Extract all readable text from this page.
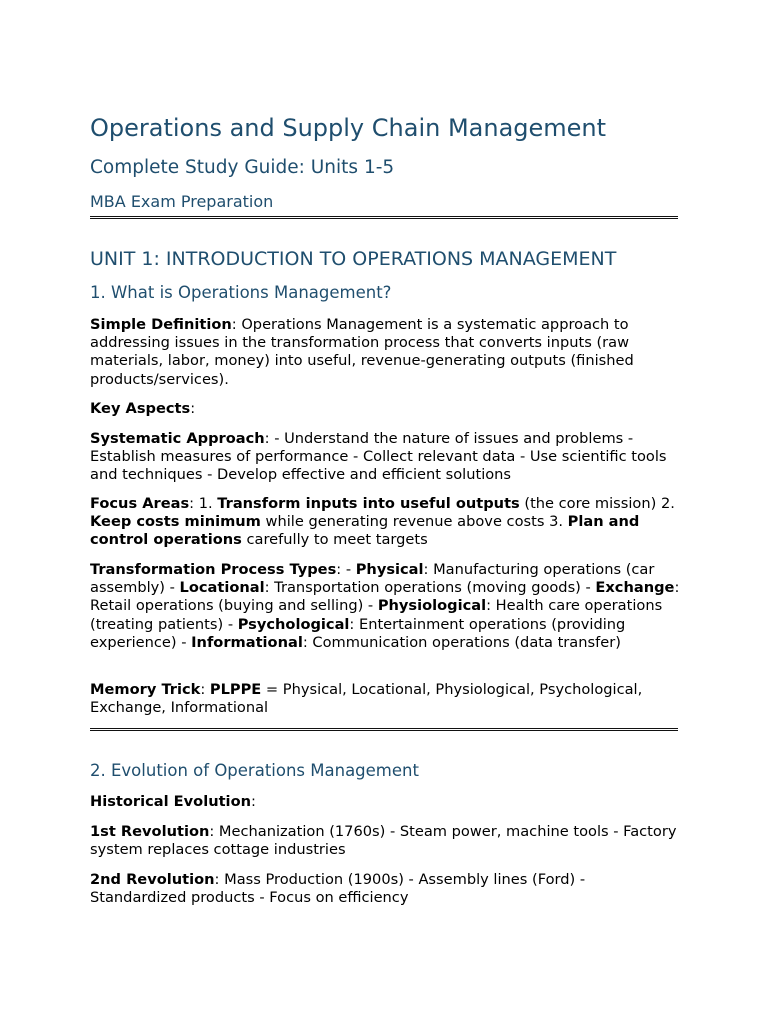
Operations and Supply Chain Management
Complete Study Guide: Units 1-5
MBA Exam Preparation
UNIT 1: INTRODUCTION TO OPERATIONS MANAGEMENT
1. What is Operations Management?

Simple Definition: Operations Management is a systematic approach to addressing issues in the transformation process that converts inputs (raw materials, labor, money) into useful, revenue-generating outputs (finished products/services).

Key Aspects:

Systematic Approach: - Understand the nature of issues and problems - Establish measures of performance - Collect relevant data - Use scientific tools and techniques - Develop effective and efficient solutions

Focus Areas: 1. Transform inputs into useful outputs (the core mission) 2. Keep costs minimum while generating revenue above costs 3. Plan and control operations carefully to meet targets

Transformation Process Types: - Physical: Manufacturing operations (car assembly) - Locational: Transportation operations (moving goods) - Exchange: Retail operations (buying and selling) - Physiological: Health care operations (treating patients) - Psychological: Entertainment operations (providing experience) - Informational: Communication operations (data transfer)

Memory Trick: PLPPE = Physical, Locational, Physiological, Psychological, Exchange, Informational

2. Evolution of Operations Management

Historical Evolution:

1st Revolution: Mechanization (1760s) - Steam power, machine tools - Factory system replaces cottage industries

2nd Revolution: Mass Production (1900s) - Assembly lines (Ford) - Standardized products - Focus on efficiency
